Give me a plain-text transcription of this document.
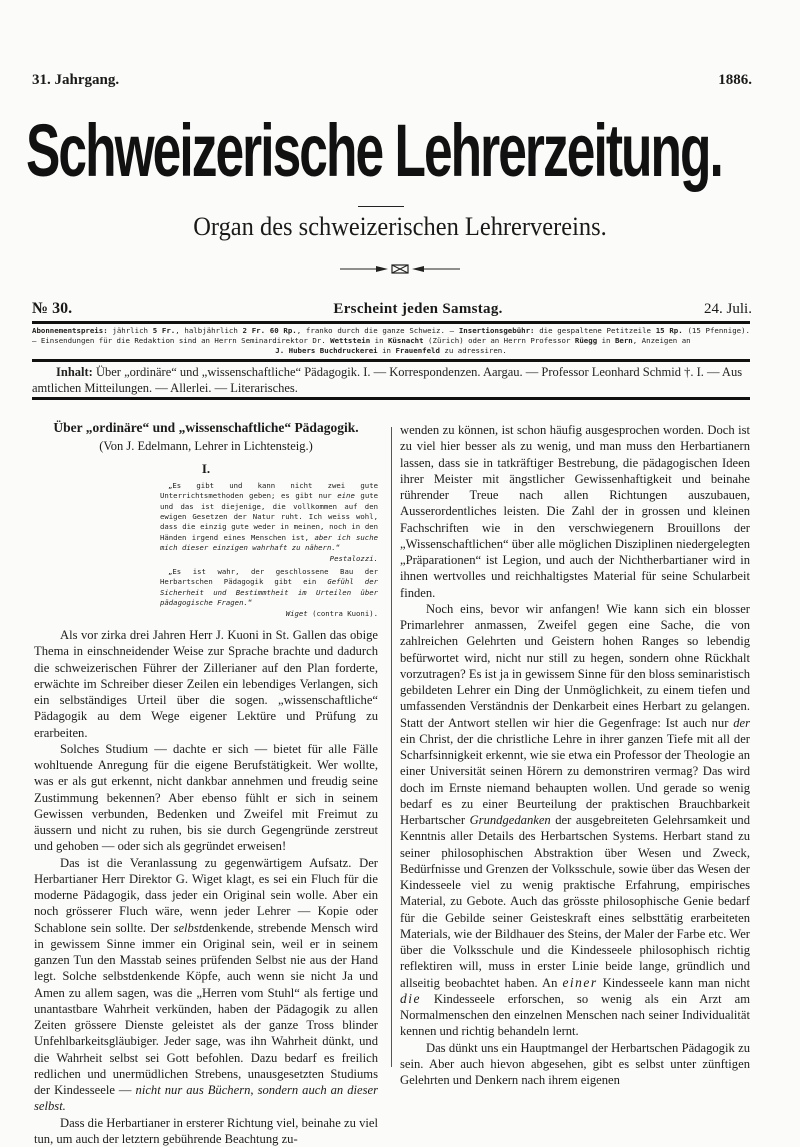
31. Jahrgang.	1886.
Schweizerische Lehrerzeitung.
Organ des schweizerischen Lehrervereins.
№ 30.	Erscheint jeden Samstag.	24. Juli.
Abonnementspreis: jährlich 5 Fr., halbjährlich 2 Fr. 60 Rp., franko durch die ganze Schweiz. — Insertionsgebühr: die gespaltene Petitzeile 15 Rp. (15 Pfennige). — Einsendungen für die Redaktion sind an Herrn Seminardirektor Dr. Wettstein in Küsnacht (Zürich) oder an Herrn Professor Rüegg in Bern, Anzeigen an
J. Hubers Buchdruckerei in Frauenfeld zu adressiren.
Inhalt: Über „ordinäre“ und „wissenschaftliche“ Pädagogik. I. — Korrespondenzen. Aargau. — Professor Leonhard Schmid †. I. — Aus amtlichen Mitteilungen. — Allerlei. — Literarisches.
Über „ordinäre“ und „wissenschaftliche“ Pädagogik.
(Von J. Edelmann, Lehrer in Lichtensteig.)
I.
„Es gibt und kann nicht zwei gute Unterrichtsmethoden geben; es gibt nur eine gute und das ist diejenige, die vollkommen auf den ewigen Gesetzen der Natur ruht. Ich weiss wohl, dass die einzig gute weder in meinen, noch in den Händen irgend eines Menschen ist, aber ich suche mich dieser einzigen wahrhaft zu nähern.“
Pestalozzi.
„Es ist wahr, der geschlossene Bau der Herbartschen Pädagogik gibt ein Gefühl der Sicherheit und Bestimmtheit im Urteilen über pädagogische Fragen.“
Wiget (contra Kuoni).

Als vor zirka drei Jahren Herr J. Kuoni in St. Gallen das obige Thema in einschneidender Weise zur Sprache brachte und dadurch die schweizerischen Führer der Zillerianer auf den Plan forderte, erwächte im Schreiber dieser Zeilen ein lebendiges Verlangen, sich ein selbständiges Urteil über die sogen. „wissenschaftliche“ Pädagogik au dem Wege eigener Lektüre und Prüfung zu erarbeiten.

Solches Studium — dachte er sich — bietet für alle Fälle wohltuende Anregung für die eigene Berufstätigkeit. Wer wollte, was er als gut erkennt, nicht dankbar annehmen und freudig seine Zustimmung bekennen? Aber ebenso fühlt er sich in seinem Gewissen verbunden, Bedenken und Zweifel mit Freimut zu äussern und nicht zu ruhen, bis sie durch Gegengründe zerstreut und gehoben — oder sich als gegründet erweisen!

Das ist die Veranlassung zu gegenwärtigem Aufsatz. Der Herbartianer Herr Direktor G. Wiget klagt, es sei ein Fluch für die moderne Pädagogik, dass jeder ein Original sein wolle. Aber ein noch grösserer Fluch wäre, wenn jeder Lehrer — Kopie oder Schablone sein sollte. Der selbstdenkende, strebende Mensch wird in gewissem Sinne immer ein Original sein, weil er in seinem ganzen Tun den Masstab seines prüfenden Selbst nie aus der Hand legt. Solche selbstdenkende Köpfe, auch wenn sie nicht Ja und Amen zu allem sagen, was die „Herren vom Stuhl“ als fertige und unantastbare Wahrheit verkünden, haben der Pädagogik zu allen Zeiten grössere Dienste geleistet als der ganze Tross blinder Unfehlbarkeitsgläubiger. Jeder sage, was ihn Wahrheit dünkt, und die Wahrheit selbst sei Gott befohlen. Dazu bedarf es freilich redlichen und unermüdlichen Strebens, unausgesetzten Studiums der Kindesseele — nicht nur aus Büchern, sondern auch an dieser selbst.

Dass die Herbartianer in ersterer Richtung viel, beinahe zu viel tun, um auch der letztern gebührende Beachtung zu-

wenden zu können, ist schon häufig ausgesprochen worden. Doch ist zu viel hier besser als zu wenig, und man muss den Herbartianern lassen, dass sie in tatkräftiger Bestrebung, die pädagogischen Ideen ihrer Meister mit ängstlicher Gewissenhaftigkeit und beinahe rührender Treue nach allen Richtungen auszubauen, Ausserordentliches leisten. Die Zahl der in grossen und kleinen Fachschriften wie in den verschwiegenern Brouillons der „Wissenschaftlichen“ über alle möglichen Disziplinen niedergelegten „Präparationen“ ist Legion, und auch der Nichtherbartianer wird in ihnen wertvolles und reichhaltigstes Material für seine Schularbeit finden.

Noch eins, bevor wir anfangen! Wie kann sich ein blosser Primarlehrer anmassen, Zweifel gegen eine Sache, die von zahlreichen Gelehrten und Geistern hohen Ranges so lebendig befürwortet wird, nicht nur still zu hegen, sondern ohne Rückhalt vorzutragen? Es ist ja in gewissem Sinne für den bloss seminaristisch gebildeten Lehrer ein Ding der Unmöglichkeit, zu einem tiefen und umfassenden Verständnis der Denkarbeit eines Herbart zu gelangen. Statt der Antwort stellen wir hier die Gegenfrage: Ist auch nur der ein Christ, der die christliche Lehre in ihrer ganzen Tiefe mit all der Scharfsinnigkeit erkennt, wie sie etwa ein Professor der Theologie an einer Universität seinen Hörern zu demonstriren vermag? Das wird doch im Ernste niemand behaupten wollen. Und gerade so wenig bedarf es zu einer Beurteilung der praktischen Brauchbarkeit Herbartscher Grundgedanken der ausgebreiteten Gelehrsamkeit und Kenntnis aller Details des Herbartschen Systems. Herbart stand zu seiner philosophischen Abstraktion über Wesen und Zweck, Bedürfnisse und Grenzen der Volksschule, sowie über das Wesen der Kindesseele viel zu wenig praktische Erfahrung, empirisches Material, zu Gebote. Auch das grösste philosophische Genie bedarf für die Gebilde seiner Geisteskraft eines selbsttätig erarbeiteten Materials, wie der Bildhauer des Steins, der Maler der Farbe etc. Wer über die Volksschule und die Kindesseele philosophisch richtig reflektiren will, muss in erster Linie beide lange, gründlich und allseitig beobachtet haben. An einer Kindesseele kann man nicht die Kindesseele erforschen, so wenig als ein Arzt am Normalmenschen den einzelnen Menschen nach seiner Individualität kennen und richtig behandeln lernt.

Das dünkt uns ein Hauptmangel der Herbartschen Pädagogik zu sein. Aber auch hievon abgesehen, gibt es selbst unter zünftigen Gelehrten und Denkern nach ihrem eigenen
